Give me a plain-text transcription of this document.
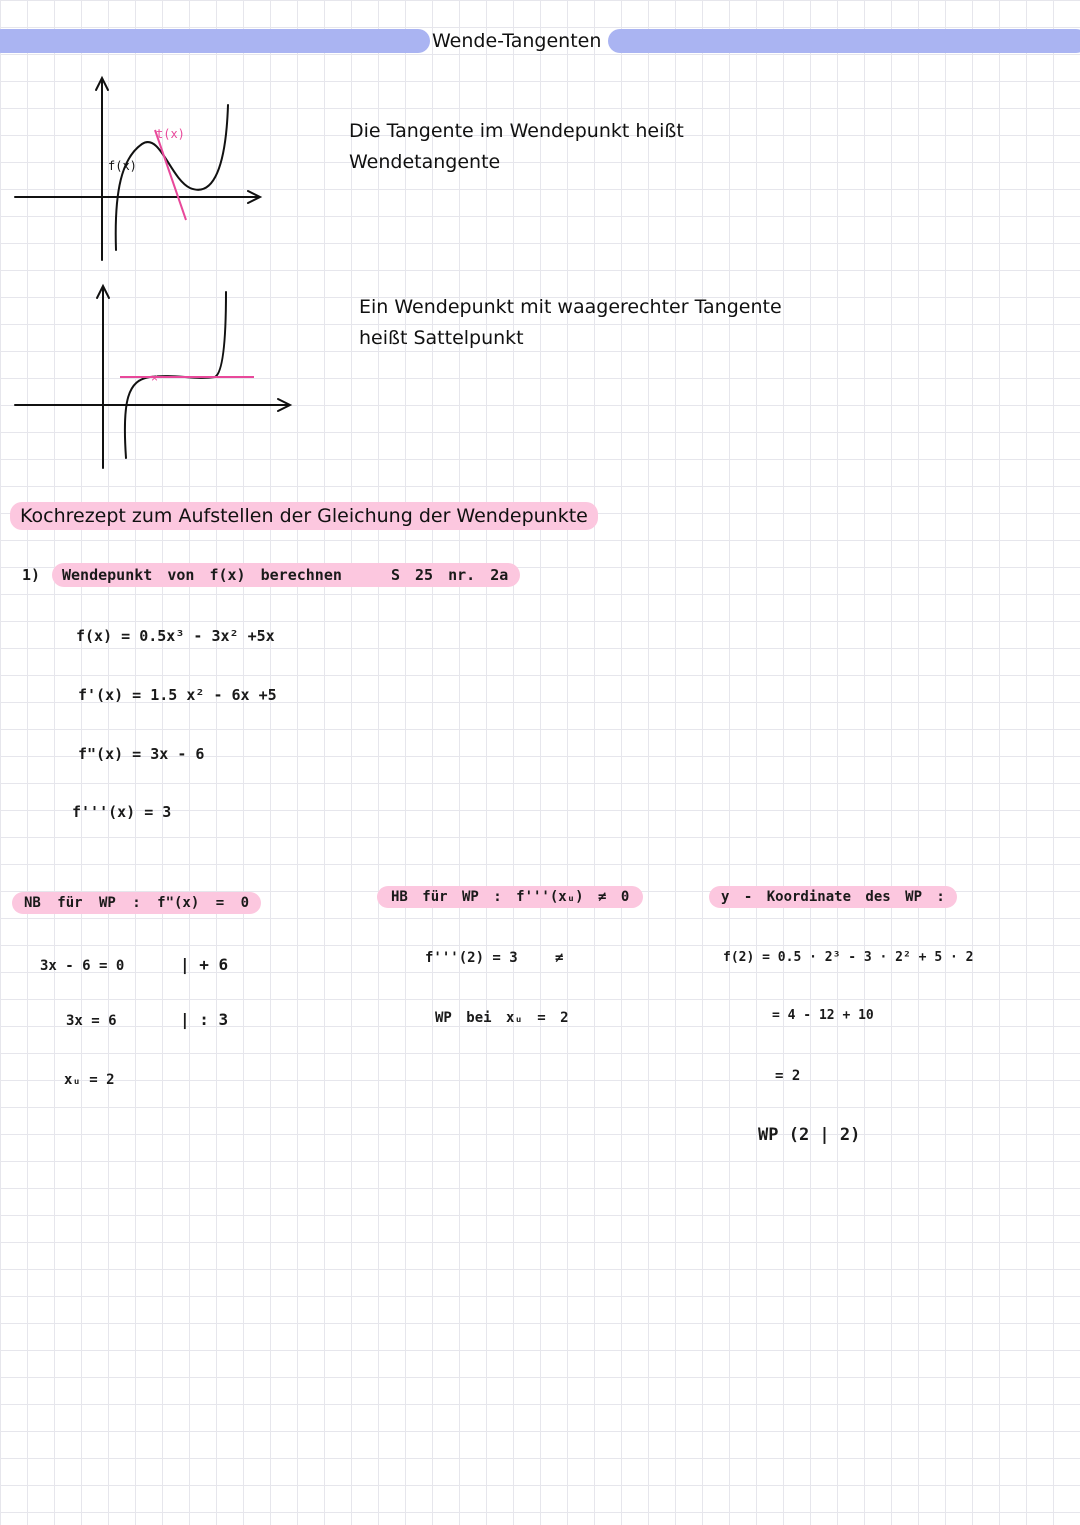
Wende-Tangenten
f(x)
t(x)	Die Tangente im Wendepunkt heißt
Wendetangente
×
Ein Wendepunkt mit waagerechter Tangente
heißt Sattelpunkt
Kochrezept zum Aufstellen der Gleichung der Wendepunkte
1)	Wendepunkt von f(x) berechnen	S 25 nr. 2a
f(x) = 0.5x³ - 3x² +5x
f'(x) = 1.5 x² - 6x +5
f"(x) = 3x - 6
f'''(x) = 3
NB für WP : f"(x) = 0
3x - 6 = 0	| + 6
3x = 6	| : 3
xᵤ = 2
HB für WP : f'''(xᵤ) ≠ 0
f'''(2) = 3	≠
WP bei xᵤ = 2
y - Koordinate des WP :
f(2) = 0.5 · 2³ - 3 · 2² + 5 · 2
= 4 - 12 + 10
= 2
WP (2 | 2)
